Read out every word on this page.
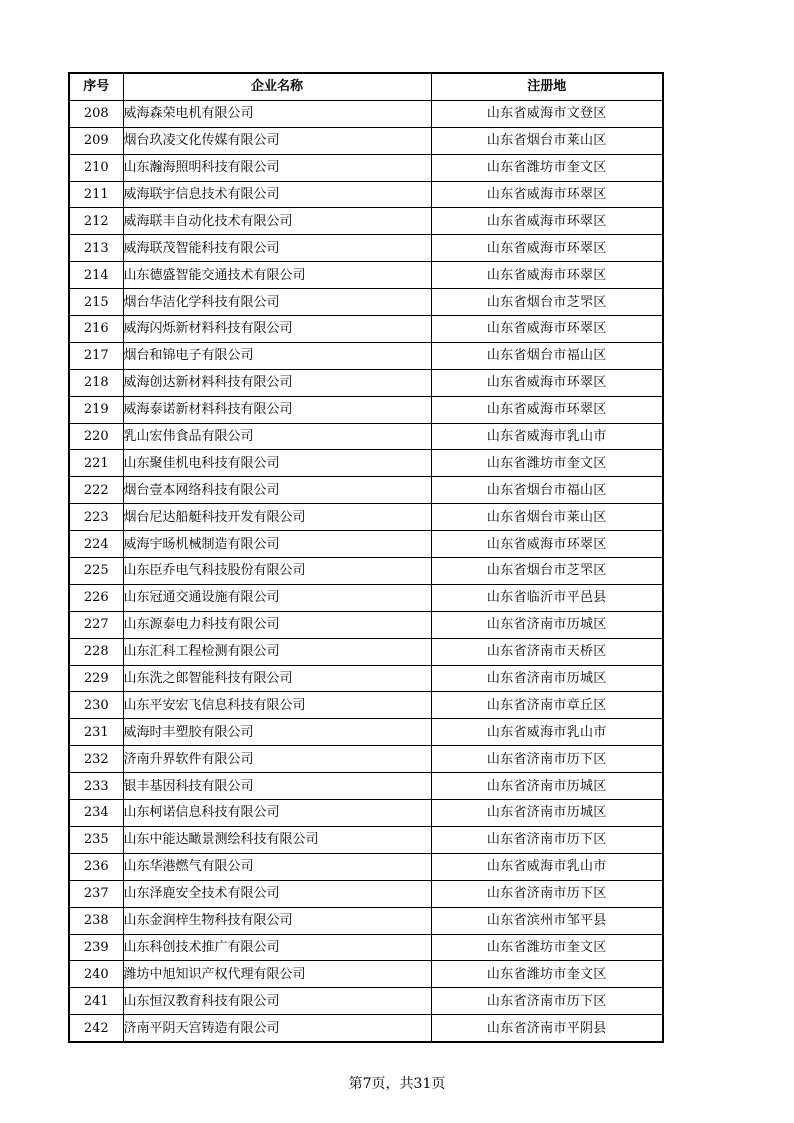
序号	企业名称	注册地
208	威海森荣电机有限公司	山东省威海市文登区
209	烟台玖凌文化传媒有限公司	山东省烟台市莱山区
210	山东瀚海照明科技有限公司	山东省潍坊市奎文区
211	威海联宇信息技术有限公司	山东省威海市环翠区
212	威海联丰自动化技术有限公司	山东省威海市环翠区
213	威海联茂智能科技有限公司	山东省威海市环翠区
214	山东德盛智能交通技术有限公司	山东省威海市环翠区
215	烟台华洁化学科技有限公司	山东省烟台市芝罘区
216	威海闪烁新材料科技有限公司	山东省威海市环翠区
217	烟台和锦电子有限公司	山东省烟台市福山区
218	威海创达新材料科技有限公司	山东省威海市环翠区
219	威海泰诺新材料科技有限公司	山东省威海市环翠区
220	乳山宏伟食品有限公司	山东省威海市乳山市
221	山东聚佳机电科技有限公司	山东省潍坊市奎文区
222	烟台壹本网络科技有限公司	山东省烟台市福山区
223	烟台尼达船艇科技开发有限公司	山东省烟台市莱山区
224	威海宇旸机械制造有限公司	山东省威海市环翠区
225	山东臣乔电气科技股份有限公司	山东省烟台市芝罘区
226	山东冠通交通设施有限公司	山东省临沂市平邑县
227	山东源泰电力科技有限公司	山东省济南市历城区
228	山东汇科工程检测有限公司	山东省济南市天桥区
229	山东洗之郎智能科技有限公司	山东省济南市历城区
230	山东平安宏飞信息科技有限公司	山东省济南市章丘区
231	威海时丰塑胶有限公司	山东省威海市乳山市
232	济南升界软件有限公司	山东省济南市历下区
233	银丰基因科技有限公司	山东省济南市历城区
234	山东柯诺信息科技有限公司	山东省济南市历城区
235	山东中能达瞰景测绘科技有限公司	山东省济南市历下区
236	山东华港燃气有限公司	山东省威海市乳山市
237	山东泽鹿安全技术有限公司	山东省济南市历下区
238	山东金润梓生物科技有限公司	山东省滨州市邹平县
239	山东科创技术推广有限公司	山东省潍坊市奎文区
240	潍坊中旭知识产权代理有限公司	山东省潍坊市奎文区
241	山东恒汉教育科技有限公司	山东省济南市历下区
242	济南平阴天宫铸造有限公司	山东省济南市平阴县
第7页，共31页
